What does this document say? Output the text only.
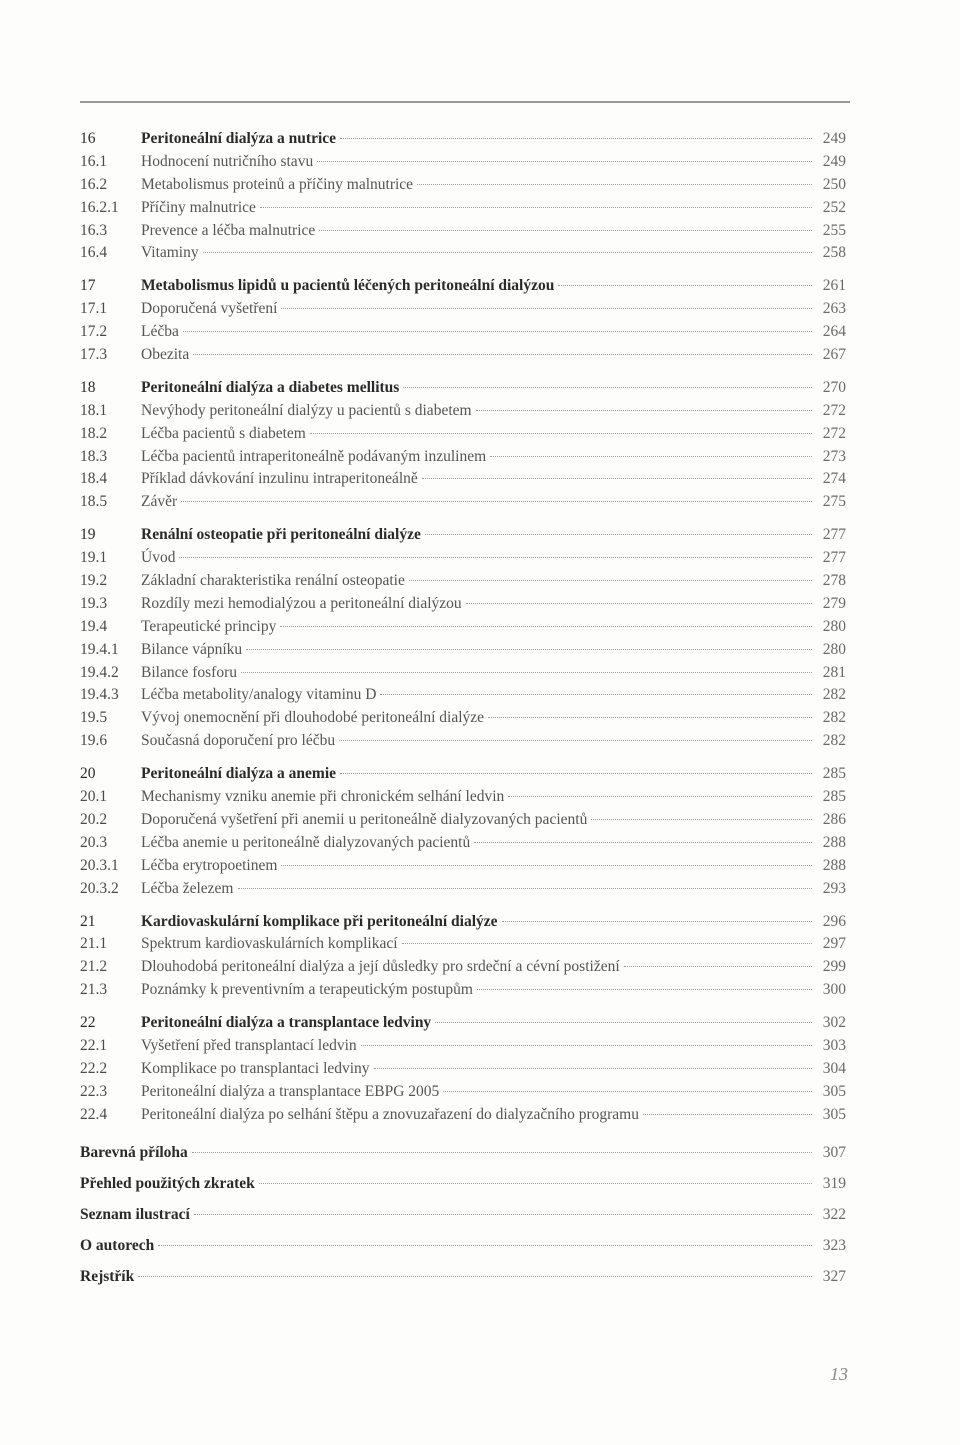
16	Peritoneální dialýza a nutrice	249
16.1	Hodnocení nutričního stavu	249
16.2	Metabolismus proteinů a příčiny malnutrice	250
16.2.1	Příčiny malnutrice	252
16.3	Prevence a léčba malnutrice	255
16.4	Vitaminy	258
17	Metabolismus lipidů u pacientů léčených peritoneální dialýzou	261
17.1	Doporučená vyšetření	263
17.2	Léčba	264
17.3	Obezita	267
18	Peritoneální dialýza a diabetes mellitus	270
18.1	Nevýhody peritoneální dialýzy u pacientů s diabetem	272
18.2	Léčba pacientů s diabetem	272
18.3	Léčba pacientů intraperitoneálně podávaným inzulinem	273
18.4	Příklad dávkování inzulinu intraperitoneálně	274
18.5	Závěr	275
19	Renální osteopatie při peritoneální dialýze	277
19.1	Úvod	277
19.2	Základní charakteristika renální osteopatie	278
19.3	Rozdíly mezi hemodialýzou a peritoneální dialýzou	279
19.4	Terapeutické principy	280
19.4.1	Bilance vápníku	280
19.4.2	Bilance fosforu	281
19.4.3	Léčba metabolity/analogy vitaminu D	282
19.5	Vývoj onemocnění při dlouhodobé peritoneální dialýze	282
19.6	Současná doporučení pro léčbu	282
20	Peritoneální dialýza a anemie	285
20.1	Mechanismy vzniku anemie při chronickém selhání ledvin	285
20.2	Doporučená vyšetření při anemii u peritoneálně dialyzovaných pacientů	286
20.3	Léčba anemie u peritoneálně dialyzovaných pacientů	288
20.3.1	Léčba erytropoetinem	288
20.3.2	Léčba železem	293
21	Kardiovaskulární komplikace při peritoneální dialýze	296
21.1	Spektrum kardiovaskulárních komplikací	297
21.2	Dlouhodobá peritoneální dialýza a její důsledky pro srdeční a cévní postižení	299
21.3	Poznámky k preventivním a terapeutickým postupům	300
22	Peritoneální dialýza a transplantace ledviny	302
22.1	Vyšetření před transplantací ledvin	303
22.2	Komplikace po transplantaci ledviny	304
22.3	Peritoneální dialýza a transplantace EBPG 2005	305
22.4	Peritoneální dialýza po selhání štěpu a znovuzařazení do dialyzačního programu	305
Barevná příloha	307
Přehled použitých zkratek	319
Seznam ilustrací	322
O autorech	323
Rejstřík	327
13
